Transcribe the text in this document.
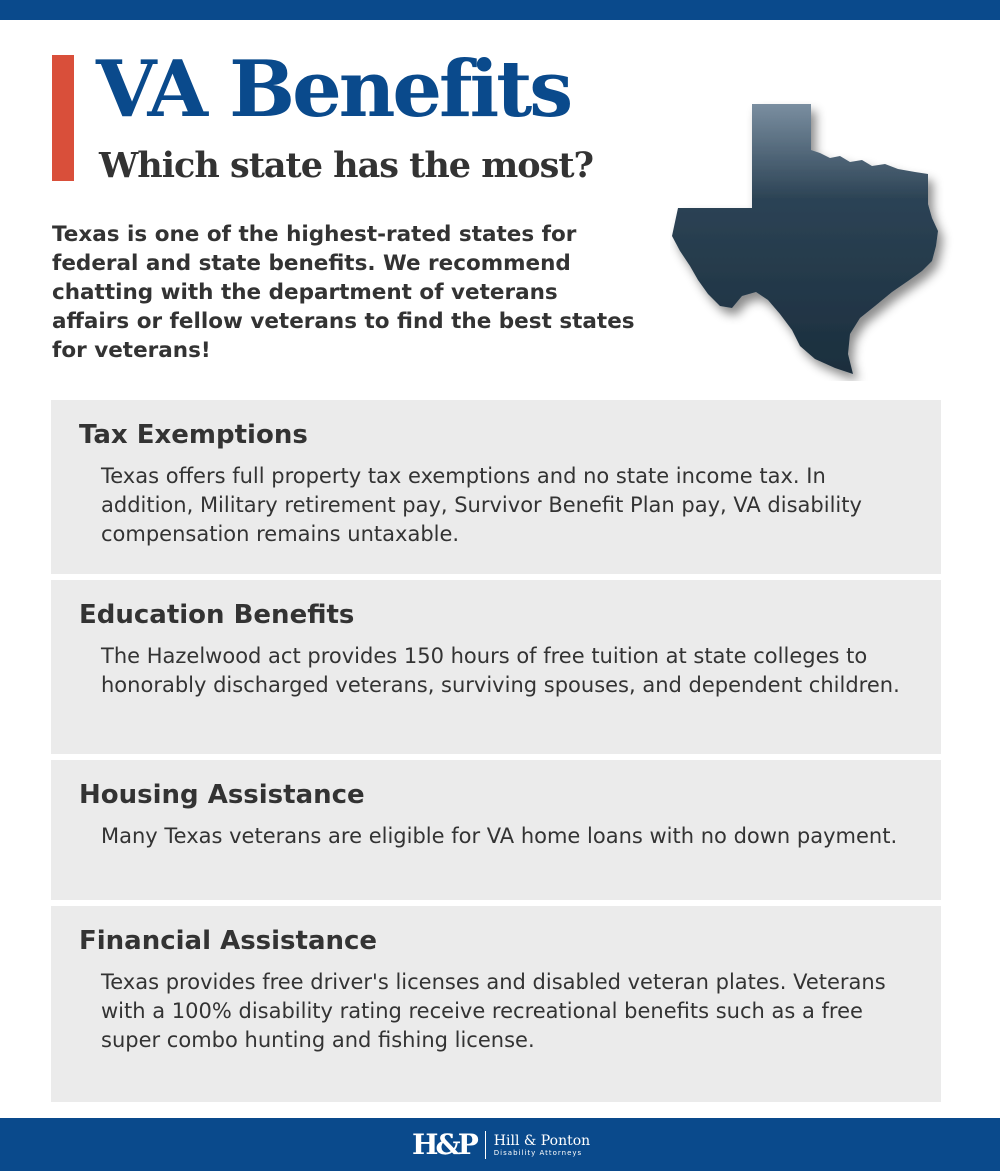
VA Benefits
Which state has the most?

Texas is one of the highest-rated states for federal and state benefits. We recommend chatting with the department of veterans affairs or fellow veterans to find the best states for veterans!

Tax Exemptions

Texas offers full property tax exemptions and no state income tax. In addition, Military retirement pay, Survivor Benefit Plan pay, VA disability compensation remains untaxable.

Education Benefits

The Hazelwood act provides 150 hours of free tuition at state colleges to honorably discharged veterans, surviving spouses, and dependent children.

Housing Assistance

Many Texas veterans are eligible for VA home loans with no down payment.

Financial Assistance

Texas provides free driver's licenses and disabled veteran plates. Veterans with a 100% disability rating receive recreational benefits such as a free super combo hunting and fishing license.

H&P Hill & Ponton
Disability Attorneys
